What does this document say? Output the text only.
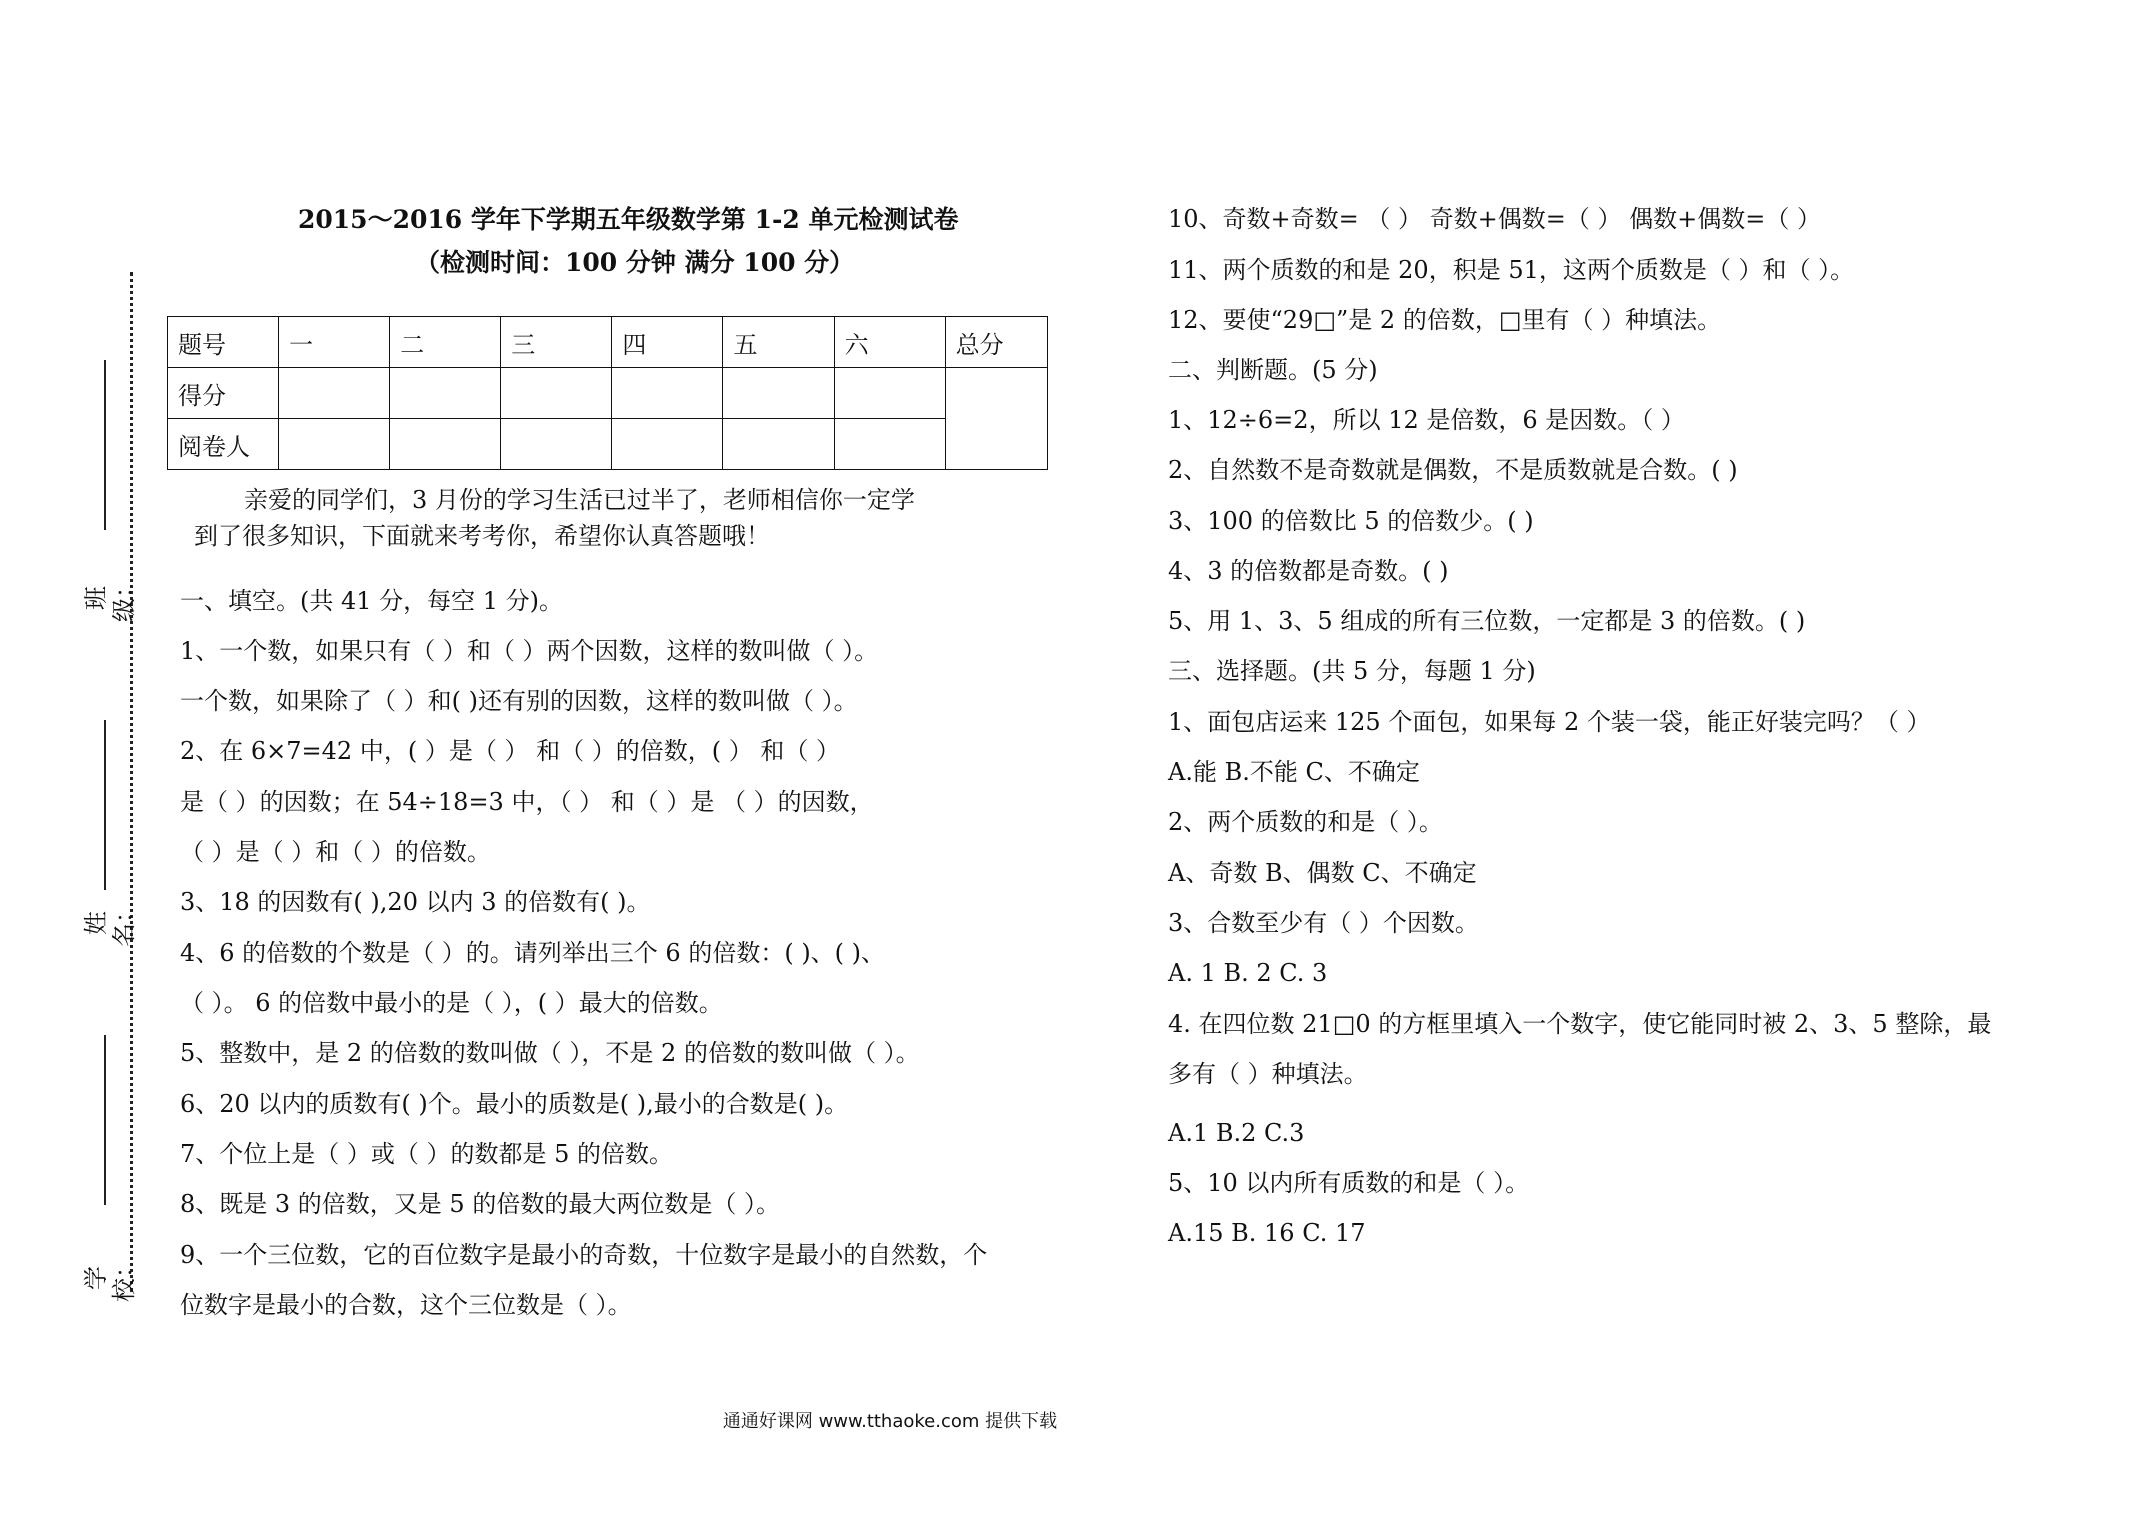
2015～2016 学年下学期五年级数学第 1-2 单元检测试卷
（检测时间：100 分钟 满分 100 分）
班级：
姓名：
学校：
题号	一	二	三	四	五	六	总分
得分							
阅卷人							
亲爱的同学们，3 月份的学习生活已过半了，老师相信你一定学
到了很多知识，下面就来考考你，希望你认真答题哦！
一、填空。(共 41 分，每空 1 分)。
1、一个数，如果只有（ ）和（ ）两个因数，这样的数叫做（ ）。
一个数，如果除了（ ）和( )还有别的因数，这样的数叫做（ ）。
2、在 6×7=42 中，( ）是（ ） 和（ ）的倍数，( ） 和（ ）
是（ ）的因数；在 54÷18=3 中，（ ） 和（ ）是 （ ）的因数，
（ ）是（ ）和（ ）的倍数。
3、18 的因数有( ),20 以内 3 的倍数有( )。
4、6 的倍数的个数是（ ）的。请列举出三个 6 的倍数：( )、( )、
（ ）。 6 的倍数中最小的是（ ），( ）最大的倍数。
5、整数中，是 2 的倍数的数叫做（ ），不是 2 的倍数的数叫做（ ）。
6、20 以内的质数有( )个。最小的质数是( ),最小的合数是( )。
7、个位上是（ ）或（ ）的数都是 5 的倍数。
8、既是 3 的倍数，又是 5 的倍数的最大两位数是（ ）。
9、一个三位数，它的百位数字是最小的奇数，十位数字是最小的自然数，个
位数字是最小的合数，这个三位数是（ ）。
10、奇数+奇数= （ ） 奇数+偶数=（ ） 偶数+偶数=（ ）
11、两个质数的和是 20，积是 51，这两个质数是（ ）和（ ）。
12、要使“29□”是 2 的倍数，□里有（ ）种填法。
二、判断题。(5 分)
1、12÷6=2，所以 12 是倍数，6 是因数。（ ）
2、自然数不是奇数就是偶数，不是质数就是合数。( )
3、100 的倍数比 5 的倍数少。( )
4、3 的倍数都是奇数。( )
5、用 1、3、5 组成的所有三位数，一定都是 3 的倍数。( )
三、选择题。(共 5 分，每题 1 分)
1、面包店运来 125 个面包，如果每 2 个装一袋，能正好装完吗？（ ）
A.能 B.不能 C、不确定
2、两个质数的和是（ ）。
A、奇数 B、偶数 C、不确定
3、合数至少有（ ）个因数。
A. 1 B. 2 C. 3
4. 在四位数 21□0 的方框里填入一个数字，使它能同时被 2、3、5 整除，最
多有（ ）种填法。
A.1 B.2 C.3
5、10 以内所有质数的和是（ ）。
A.15 B. 16 C. 17
通通好课网 www.tthaoke.com 提供下载
